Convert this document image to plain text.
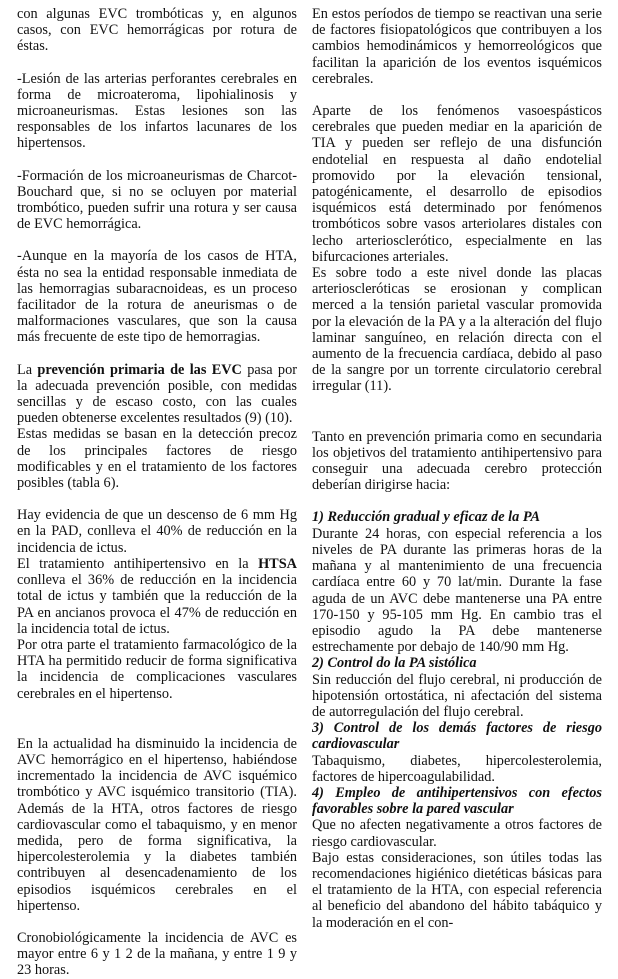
con algunas EVC trombóticas y, en algunos casos, con EVC hemorrágicas por rotura de éstas.

-Lesión de las arterias perforantes cerebrales en forma de microateroma, lipohialinosis y microaneurismas. Estas lesiones son las responsables de los infartos lacunares de los hipertensos.

-Formación de los microaneurismas de Charcot-Bouchard que, si no se ocluyen por material trombótico, pueden sufrir una rotura y ser causa de EVC hemorrágica.

-Aunque en la mayoría de los casos de HTA, ésta no sea la entidad responsable inmediata de las hemorragias subaracnoideas, es un proceso facilitador de la rotura de aneurismas o de malformaciones vasculares, que son la causa más frecuente de este tipo de hemorragias.

La prevención primaria de las EVC pasa por la adecuada prevención posible, con medidas sencillas y de escaso costo, con las cuales pueden obtenerse excelentes resultados (9) (10).

Estas medidas se basan en la detección precoz de los principales factores de riesgo modificables y en el tratamiento de los factores posibles (tabla 6).

Hay evidencia de que un descenso de 6 mm Hg en la PAD, conlleva el 40% de reducción en la incidencia de ictus.

El tratamiento antihipertensivo en la HTSA conlleva el 36% de reducción en la incidencia total de ictus y también que la reducción de la PA en ancianos provoca el 47% de reducción en la incidencia total de ictus.

Por otra parte el tratamiento farmacológico de la HTA ha permitido reducir de forma significativa la incidencia de complicaciones vasculares cerebrales en el hipertenso.

En la actualidad ha disminuido la incidencia de AVC hemorrágico en el hipertenso, habiéndose incrementado la incidencia de AVC isquémico trombótico y AVC isquémico transitorio (TIA). Además de la HTA, otros factores de riesgo cardiovascular como el tabaquismo, y en menor medida, pero de forma significativa, la hipercolesterolemia y la diabetes también contribuyen al desencadenamiento de los episodios isquémicos cerebrales en el hipertenso.

Cronobiológicamente la incidencia de AVC es mayor entre 6 y 1 2 de la mañana, y entre 1 9 y 23 horas.

En estos períodos de tiempo se reactivan una serie de factores fisiopatológicos que contribuyen a los cambios hemodinámicos y hemorreológicos que facilitan la aparición de los eventos isquémicos cerebrales.

Aparte de los fenómenos vasoespásticos cerebrales que pueden mediar en la aparición de TIA y pueden ser reflejo de una disfunción endotelial en respuesta al daño endotelial promovido por la elevación tensional, patogénicamente, el desarrollo de episodios isquémicos está determinado por fenómenos trombóticos sobre vasos arteriolares distales con lecho arteriosclerótico, especialmente en las bifurcaciones arteriales.

Es sobre todo a este nivel donde las placas arterioscleróticas se erosionan y complican merced a la tensión parietal vascular promovida por la elevación de la PA y a la alteración del flujo laminar sanguíneo, en relación directa con el aumento de la frecuencia cardíaca, debido al paso de la sangre por un torrente circulatorio cerebral irregular (11).

Tanto en prevención primaria como en secundaria los objetivos del tratamiento antihipertensivo para conseguir una adecuada cerebro protección deberían dirigirse hacia:

1) Reducción gradual y eficaz de la PA

Durante 24 horas, con especial referencia a los niveles de PA durante las primeras horas de la mañana y al mantenimiento de una frecuencia cardíaca entre 60 y 70 lat/min. Durante la fase aguda de un AVC debe mantenerse una PA entre 170-150 y 95-105 mm Hg. En cambio tras el episodio agudo la PA debe mantenerse estrechamente por debajo de 140/90 mm Hg.

2) Control do la PA sistólica

Sin reducción del flujo cerebral, ni producción de hipotensión ortostática, ni afectación del sistema de autorregulación del flujo cerebral.

3) Control de los demás factores de riesgo cardiovascular

Tabaquismo, diabetes, hipercolesterolemia, factores de hipercoagulabilidad.

4) Empleo de antihipertensivos con efectos favorables sobre la pared vascular

Que no afecten negativamente a otros factores de riesgo cardiovascular.

Bajo estas consideraciones, son útiles todas las recomendaciones higiénico dietéticas básicas para el tratamiento de la HTA, con especial referencia al beneficio del abandono del hábito tabáquico y la moderación en el con-
